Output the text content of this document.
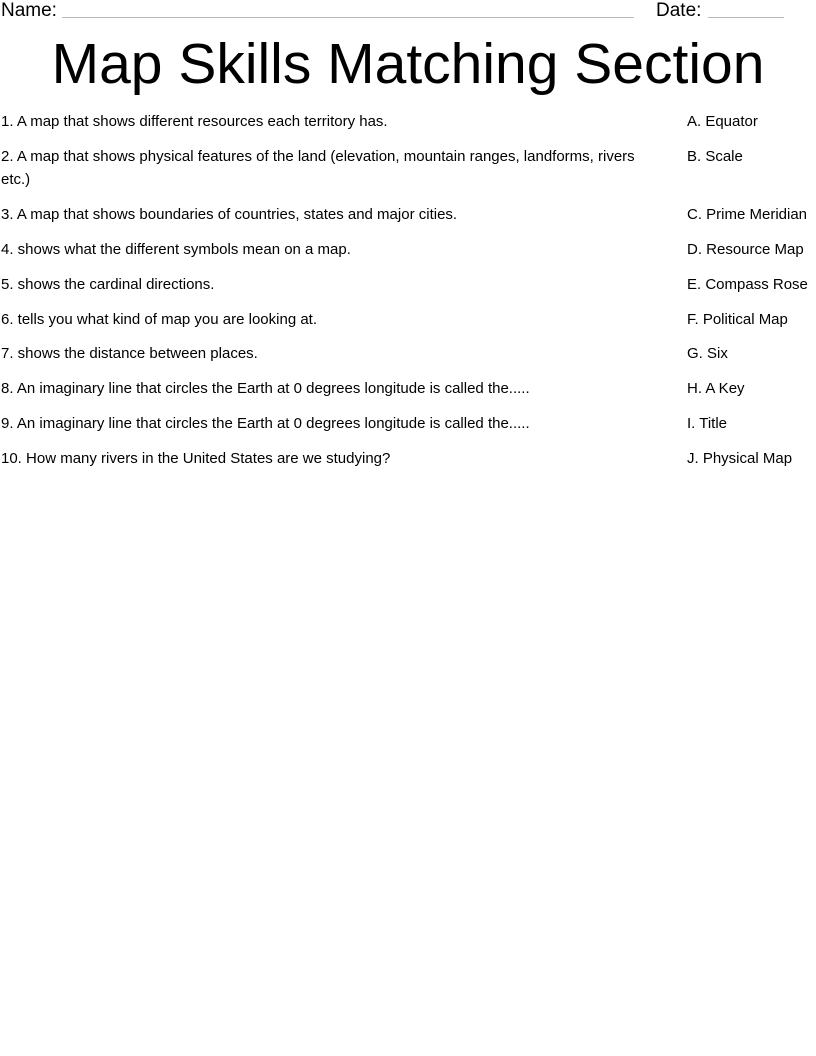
Name:	Date:
Map Skills Matching Section
1. A map that shows different resources each territory has.
2. A map that shows physical features of the land (elevation, mountain ranges, landforms, rivers etc.)
3. A map that shows boundaries of countries, states and major cities.
4. shows what the different symbols mean on a map.
5. shows the cardinal directions.
6. tells you what kind of map you are looking at.
7. shows the distance between places.
8. An imaginary line that circles the Earth at 0 degrees longitude is called the.....
9. An imaginary line that circles the Earth at 0 degrees longitude is called the.....
10. How many rivers in the United States are we studying?
A. Equator
B. Scale
C. Prime Meridian
D. Resource Map
E. Compass Rose
F. Political Map
G. Six
H. A Key
I. Title
J. Physical Map
